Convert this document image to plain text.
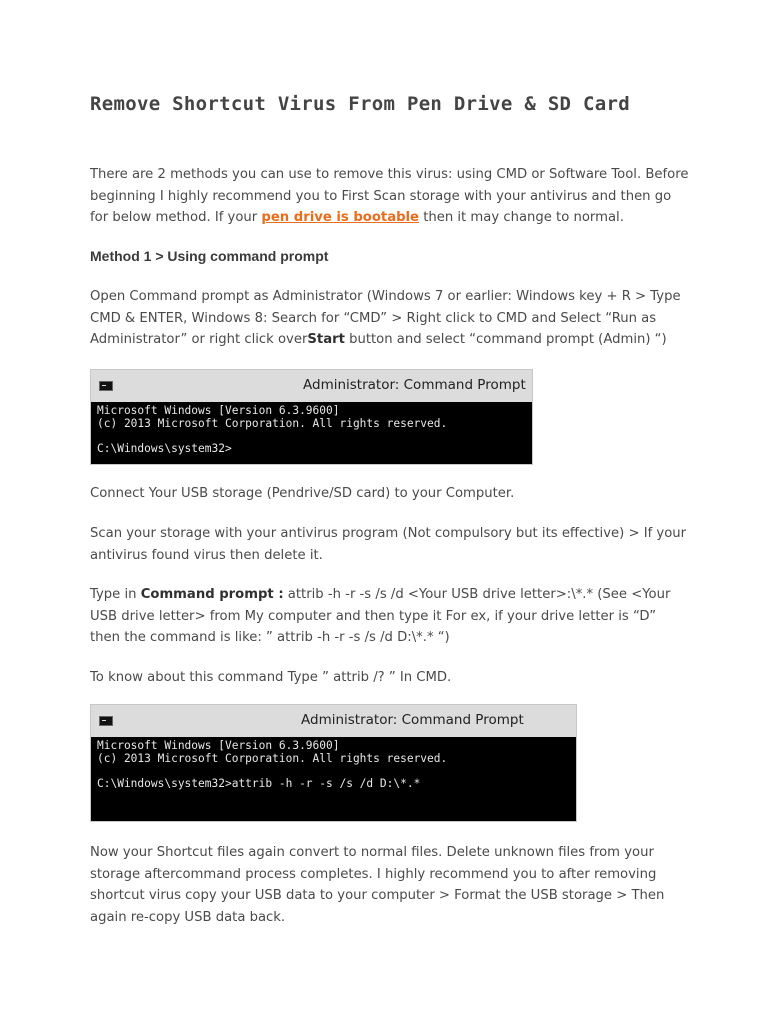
Remove Shortcut Virus From Pen Drive & SD Card

There are 2 methods you can use to remove this virus: using CMD or Software Tool. Before beginning I highly recommend you to First Scan storage with your antivirus and then go for below method. If your pen drive is bootable then it may change to normal.

Method 1 > Using command prompt

Open Command prompt as Administrator (Windows 7 or earlier: Windows key + R > Type CMD & ENTER, Windows 8: Search for “CMD” > Right click to CMD and Select “Run as Administrator” or right click overStart button and select “command prompt (Admin) “)

Administrator: Command Prompt
Microsoft Windows [Version 6.3.9600]
(c) 2013 Microsoft Corporation. All rights reserved.

C:\Windows\system32>

Connect Your USB storage (Pendrive/SD card) to your Computer.

Scan your storage with your antivirus program (Not compulsory but its effective) > If your antivirus found virus then delete it.

Type in Command prompt : attrib -h -r -s /s /d <Your USB drive letter>:\*.* (See <Your USB drive letter> from My computer and then type it For ex, if your drive letter is “D” then the command is like: ” attrib -h -r -s /s /d D:\*.* “)

To know about this command Type ” attrib /? ” In CMD.

Administrator: Command Prompt
Microsoft Windows [Version 6.3.9600]
(c) 2013 Microsoft Corporation. All rights reserved.

C:\Windows\system32>attrib -h -r -s /s /d D:\*.*

Now your Shortcut files again convert to normal files. Delete unknown files from your storage aftercommand process completes. I highly recommend you to after removing shortcut virus copy your USB data to your computer > Format the USB storage > Then again re-copy USB data back.
